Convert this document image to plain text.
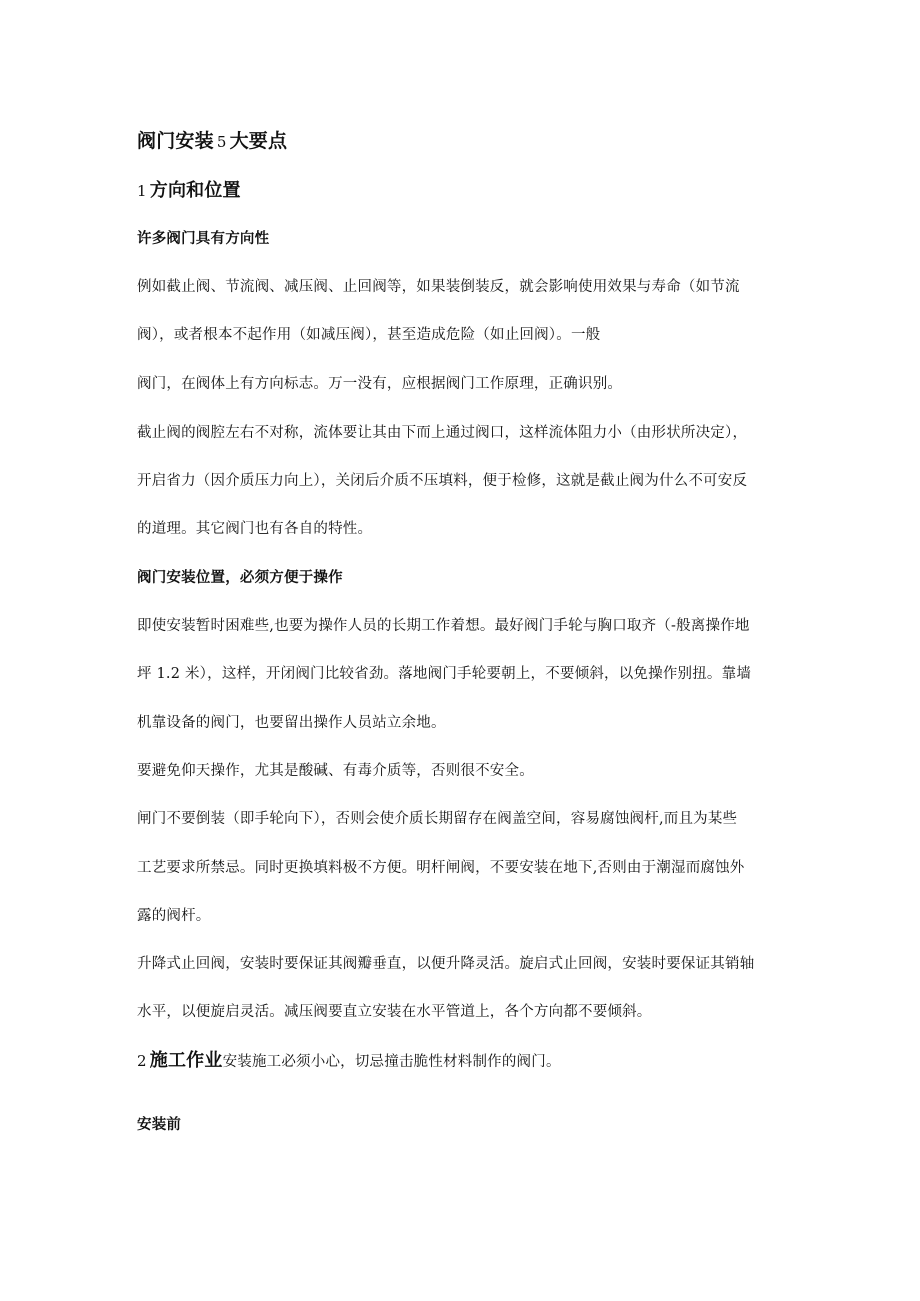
阀门安装 5 大要点
1 方向和位置
许多阀门具有方向性
例如截止阀、节流阀、减压阀、止回阀等，如果装倒装反，就会影响使用效果与寿命（如节流
阀），或者根本不起作用（如减压阀），甚至造成危险（如止回阀）。一般
阀门，在阀体上有方向标志。万一没有，应根据阀门工作原理，正确识别。
截止阀的阀腔左右不对称，流体要让其由下而上通过阀口，这样流体阻力小（由形状所决定），
开启省力（因介质压力向上），关闭后介质不压填料，便于检修，这就是截止阀为什么不可安反
的道理。其它阀门也有各自的特性。
阀门安装位置，必须方便于操作
即使安装暂时困难些,也要为操作人员的长期工作着想。最好阀门手轮与胸口取齐（-般离操作地
坪 1.2 米），这样，开闭阀门比较省劲。落地阀门手轮要朝上，不要倾斜，以免操作别扭。靠墙
机靠设备的阀门，也要留出操作人员站立余地。
要避免仰天操作，尤其是酸碱、有毒介质等，否则很不安全。
闸门不要倒装（即手轮向下），否则会使介质长期留存在阀盖空间，容易腐蚀阀杆,而且为某些
工艺要求所禁忌。同时更换填料极不方便。明杆闸阀，不要安装在地下,否则由于潮湿而腐蚀外
露的阀杆。
升降式止回阀，安装时要保证其阀瓣垂直，以便升降灵活。旋启式止回阀，安装时要保证其销轴
水平，以便旋启灵活。减压阀要直立安装在水平管道上，各个方向都不要倾斜。
2 施工作业安装施工必须小心，切忌撞击脆性材料制作的阀门。
安装前
